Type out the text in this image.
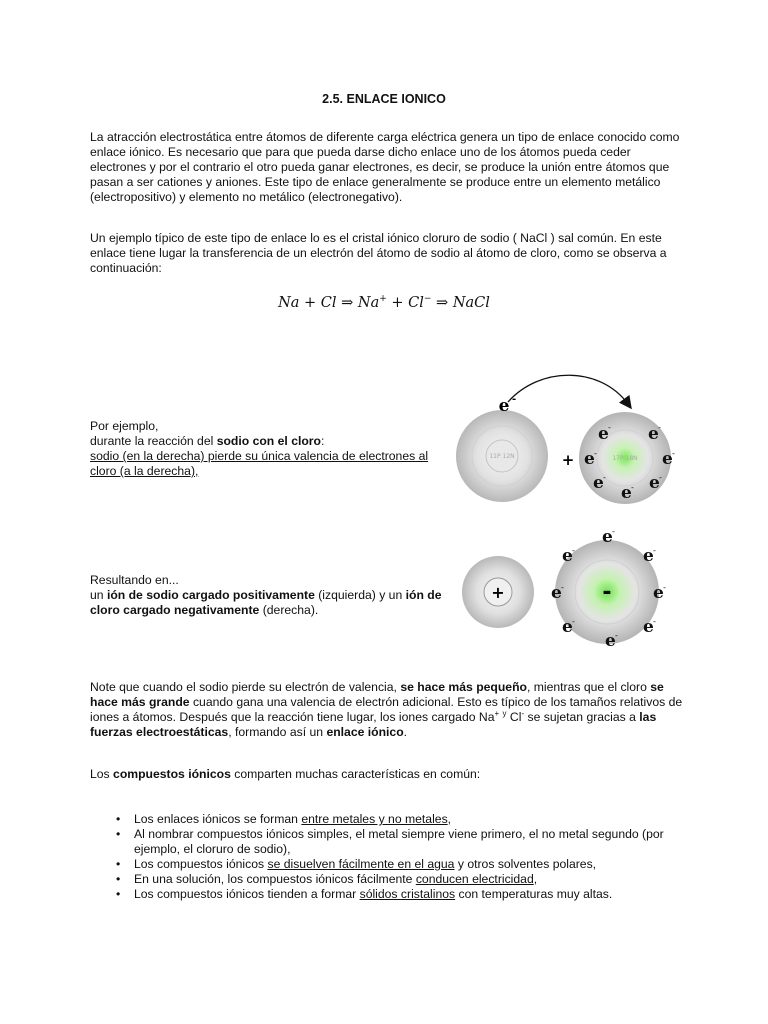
2.5. ENLACE IONICO
La atracción electrostática entre átomos de diferente carga eléctrica genera un tipo de enlace conocido como enlace iónico. Es necesario que para que pueda darse dicho enlace uno de los átomos pueda ceder electrones y por el contrario el otro pueda ganar electrones, es decir, se produce la unión entre átomos que pasan a ser cationes y aniones. Este tipo de enlace generalmente se produce entre un elemento metálico (electropositivo) y elemento no metálico (electronegativo).
Un ejemplo típico de este tipo de enlace lo es el cristal iónico cloruro de sodio ( NaCl ) sal común. En este enlace tiene lugar la transferencia de un electrón del átomo de sodio al átomo de cloro, como se observa a continuación:
Na + Cl ⇒ Na+ + Cl− ⇒ NaCl
Por ejemplo,
durante la reacción del sodio con el cloro:
sodio (en la derecha) pierde su única valencia de electrones al cloro (a la derecha),
Resultando en...
un ión de sodio cargado positivamente (izquierda) y un ión de cloro cargado negativamente (derecha).
Note que cuando el sodio pierde su electrón de valencia, se hace más pequeño, mientras que el cloro se hace más grande cuando gana una valencia de electrón adicional. Esto es típico de los tamaños relativos de iones a átomos. Después que la reacción tiene lugar, los iones cargado Na+ $^y$ Cl- se sujetan gracias a las fuerzas electroestáticas, formando así un enlace iónico.
Los compuestos iónicos comparten muchas características en común:
• Los enlaces iónicos se forman entre metales y no metales,
• Al nombrar compuestos iónicos simples, el metal siempre viene primero, el no metal segundo (por ejemplo, el cloruro de sodio),
• Los compuestos iónicos se disuelven fácilmente en el agua y otros solventes polares,
• En una solución, los compuestos iónicos fácilmente conducen electricidad,
• Los compuestos iónicos tienden a formar sólidos cristalinos con temperaturas muy altas.
11P 12N
e -
+	17P 18N
e e
e	e
e	e
e
-	-
-	-
-	-
-
+	-
e
e	e
e	e
e	e
e
-
-	-
-	-
-	-
-
